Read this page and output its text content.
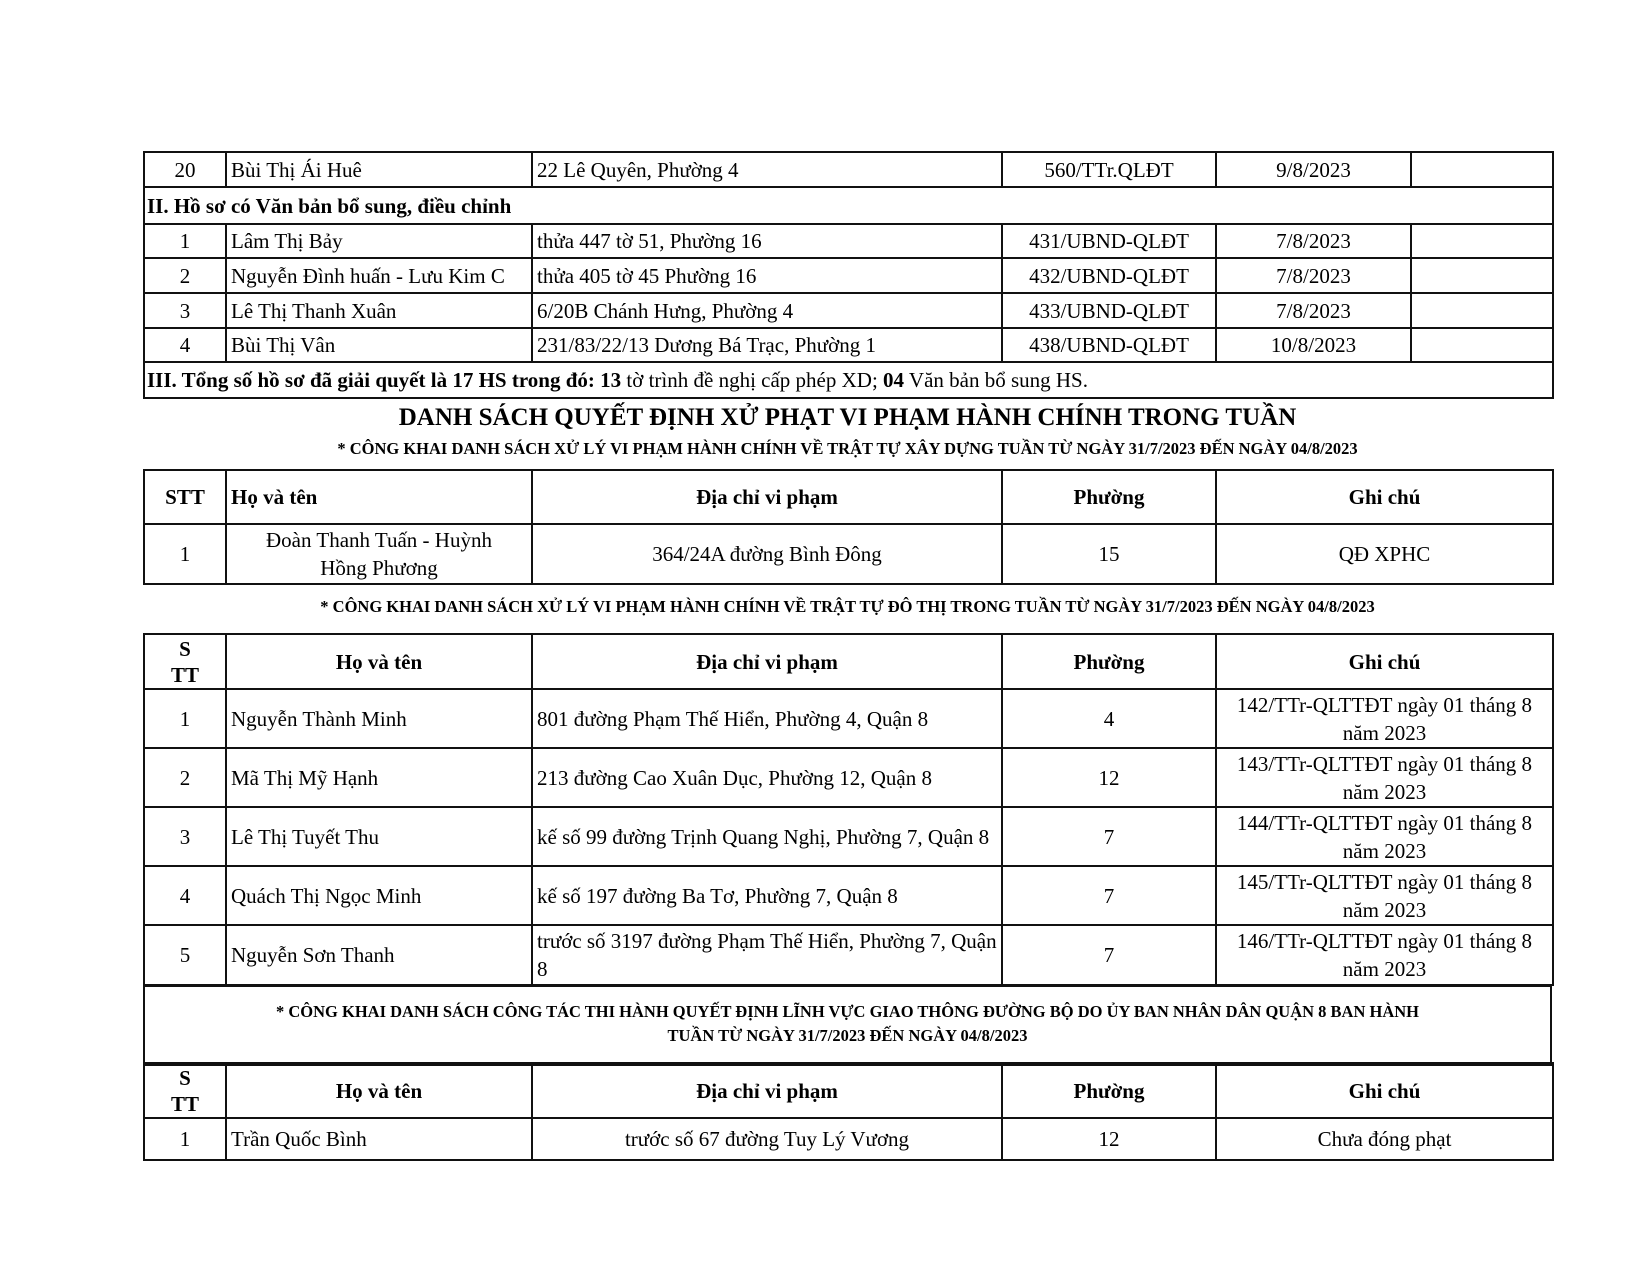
20	Bùi Thị Ái Huê	22 Lê Quyên, Phường 4	560/TTr.QLĐT	9/8/2023	
II. Hồ sơ có Văn bản bổ sung, điều chỉnh					
1	Lâm Thị Bảy	thửa 447 tờ 51, Phường 16	431/UBND-QLĐT	7/8/2023	
2	Nguyễn Đình huấn - Lưu Kim C	thửa 405 tờ 45 Phường 16	432/UBND-QLĐT	7/8/2023	
3	Lê Thị Thanh Xuân	6/20B Chánh Hưng, Phường 4	433/UBND-QLĐT	7/8/2023	
4	Bùi Thị Vân	231/83/22/13 Dương Bá Trạc, Phường 1	438/UBND-QLĐT	10/8/2023	
III. Tổng số hồ sơ đã giải quyết là 17 HS trong đó: 13 tờ trình đề nghị cấp phép XD; 04 Văn bản bổ sung HS.					
DANH SÁCH QUYẾT ĐỊNH XỬ PHẠT VI PHẠM HÀNH CHÍNH TRONG TUẦN
* CÔNG KHAI DANH SÁCH XỬ LÝ VI PHẠM HÀNH CHÍNH VỀ TRẬT TỰ XÂY DỰNG TUẦN TỪ NGÀY 31/7/2023 ĐẾN NGÀY 04/8/2023
STT	Họ và tên	Địa chỉ vi phạm	Phường	Ghi chú
1	Đoàn Thanh Tuấn - Huỳnh Hồng Phương	364/24A đường Bình Đông	15	QĐ XPHC
* CÔNG KHAI DANH SÁCH XỬ LÝ VI PHẠM HÀNH CHÍNH VỀ TRẬT TỰ ĐÔ THỊ TRONG TUẦN TỪ NGÀY 31/7/2023 ĐẾN NGÀY 04/8/2023
S
TT	Họ và tên	Địa chỉ vi phạm	Phường	Ghi chú
1	Nguyễn Thành Minh	801 đường Phạm Thế Hiển, Phường 4, Quận 8	4	142/TTr-QLTTĐT ngày 01 tháng 8 năm 2023
2	Mã Thị Mỹ Hạnh	213 đường Cao Xuân Dục, Phường 12, Quận 8	12	143/TTr-QLTTĐT ngày 01 tháng 8 năm 2023
3	Lê Thị Tuyết Thu	kế số 99 đường Trịnh Quang Nghị, Phường 7, Quận 8	7	144/TTr-QLTTĐT ngày 01 tháng 8 năm 2023
4	Quách Thị Ngọc Minh	kế số 197 đường Ba Tơ, Phường 7, Quận 8	7	145/TTr-QLTTĐT ngày 01 tháng 8 năm 2023
5	Nguyễn Sơn Thanh	trước số 3197 đường Phạm Thế Hiển, Phường 7, Quận 8	7	146/TTr-QLTTĐT ngày 01 tháng 8 năm 2023
* CÔNG KHAI DANH SÁCH CÔNG TÁC THI HÀNH QUYẾT ĐỊNH LĨNH VỰC GIAO THÔNG ĐƯỜNG BỘ DO ỦY BAN NHÂN DÂN QUẬN 8 BAN HÀNH
TUẦN TỪ NGÀY 31/7/2023 ĐẾN NGÀY 04/8/2023
S
TT	Họ và tên	Địa chỉ vi phạm	Phường	Ghi chú
1	Trần Quốc Bình	trước số 67 đường Tuy Lý Vương	12	Chưa đóng phạt
